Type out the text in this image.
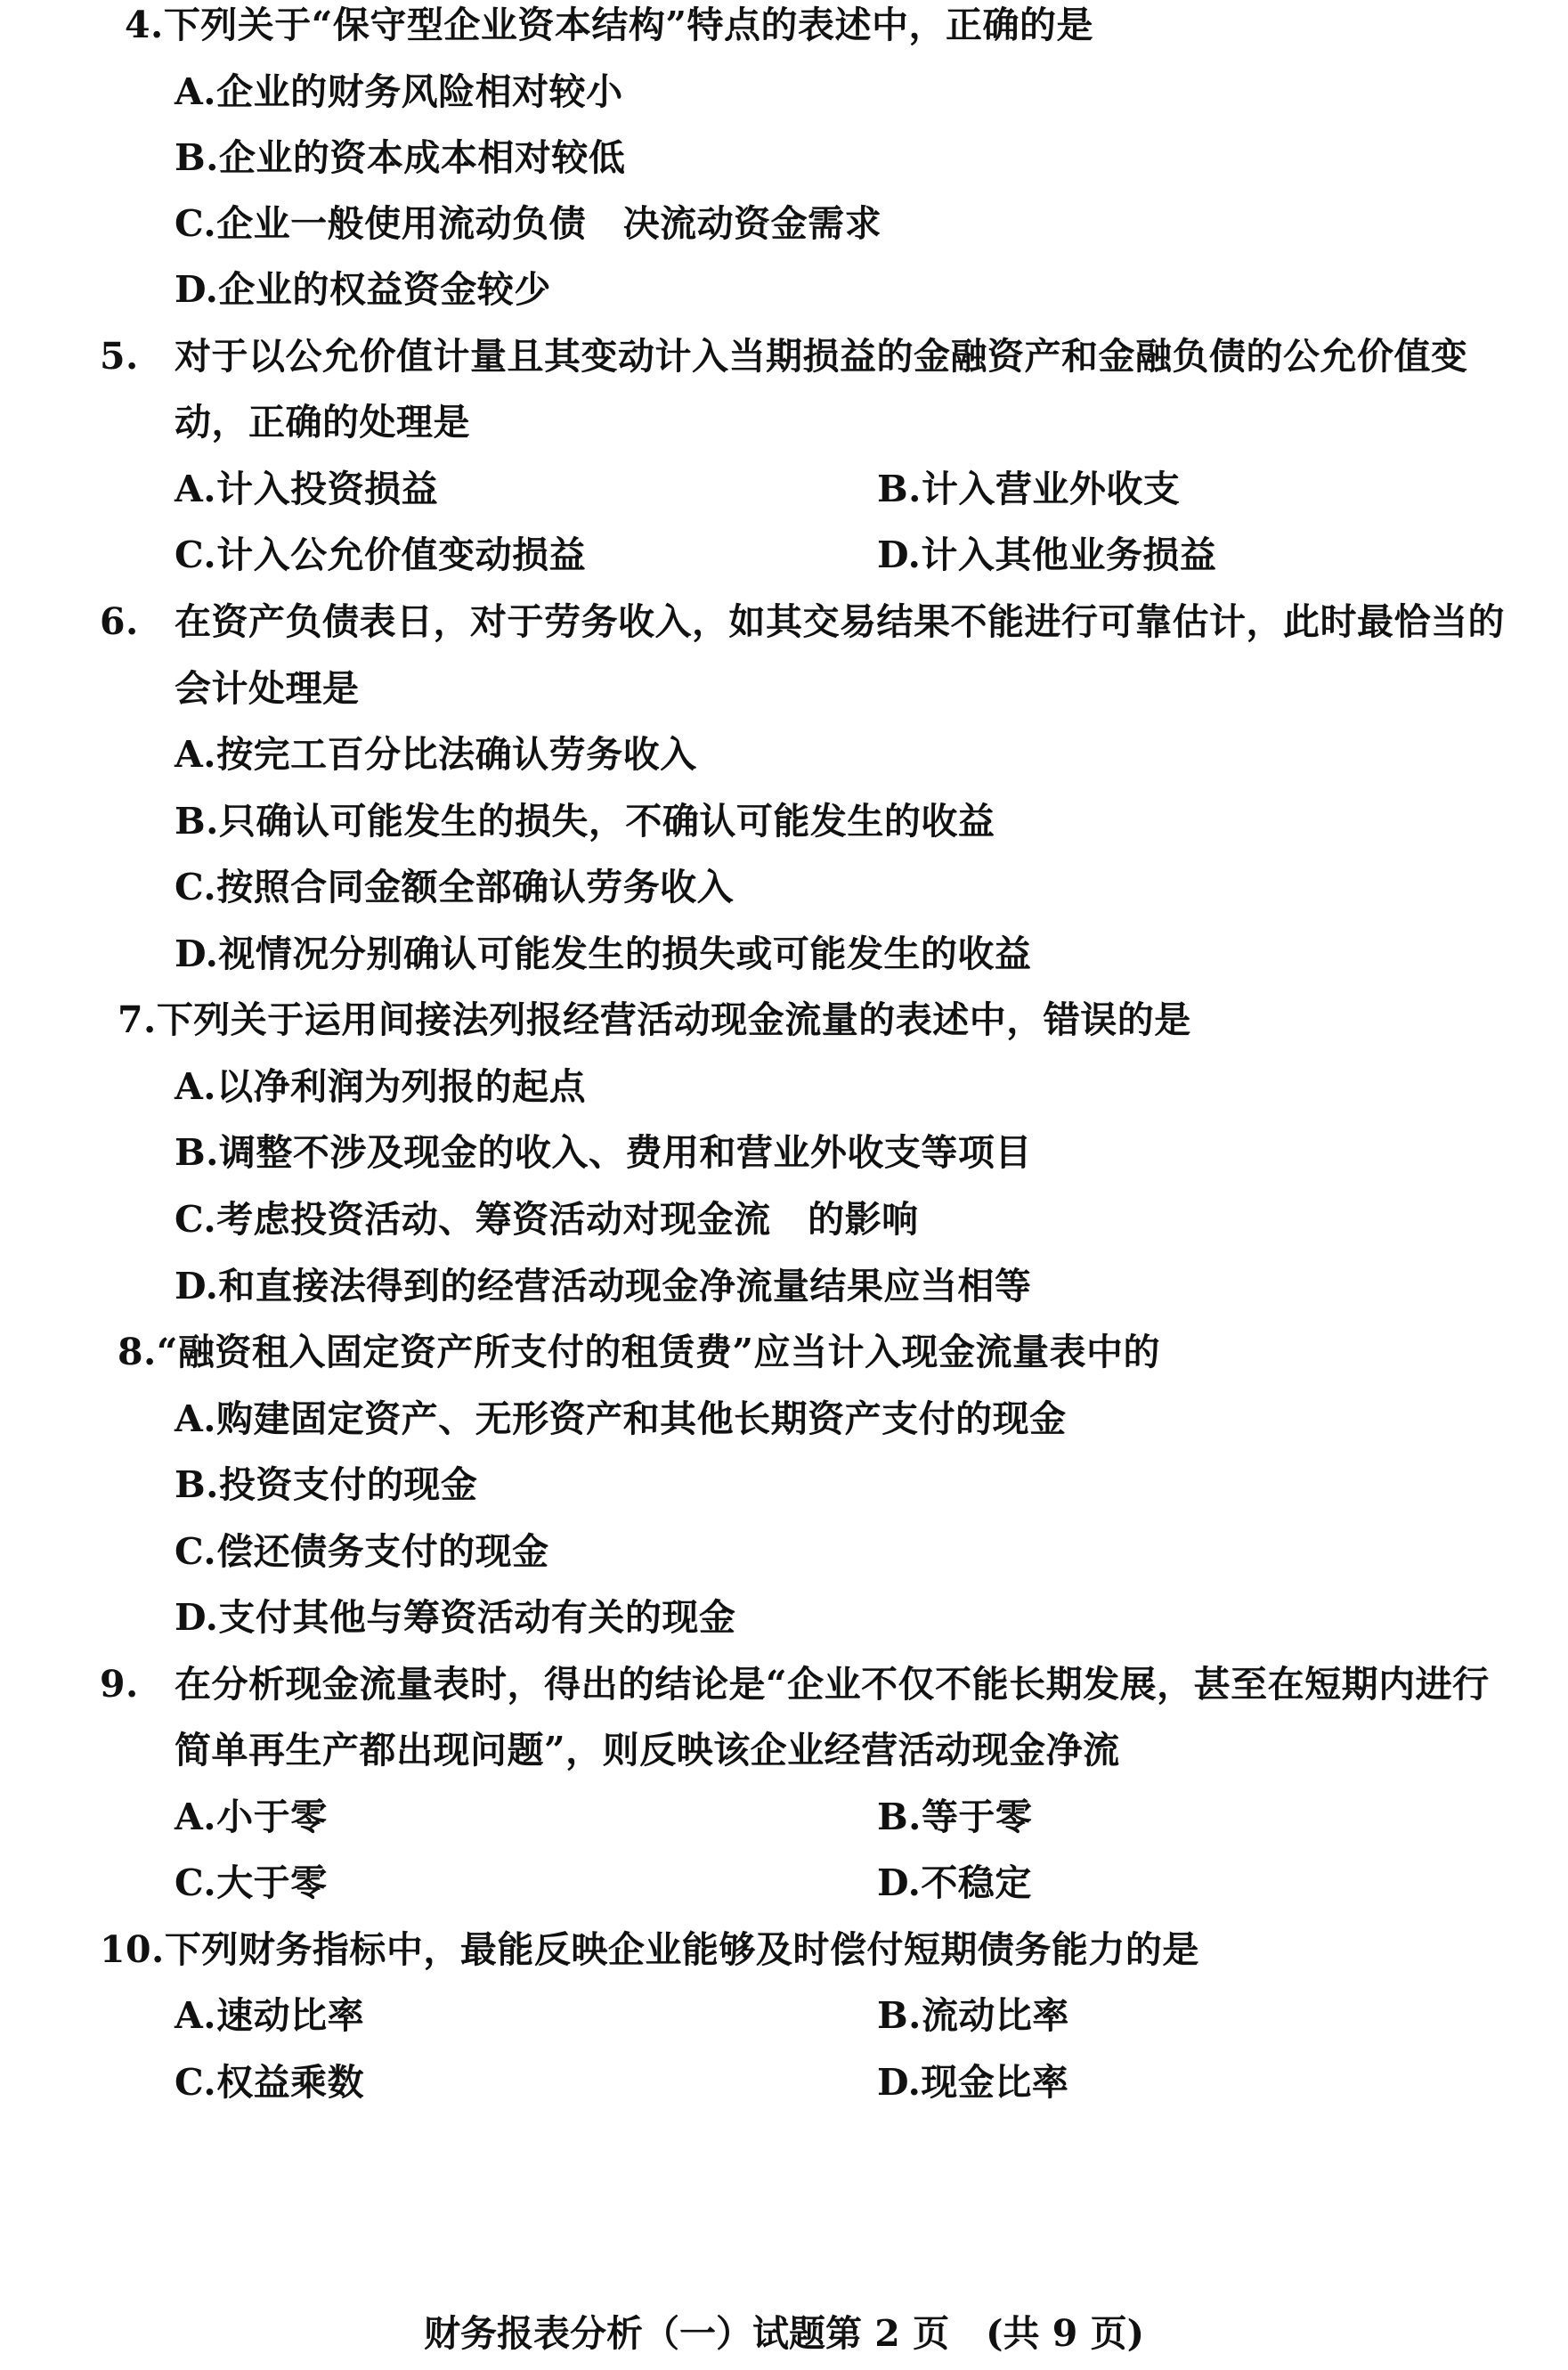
4.下列关于“保守型企业资本结构”特点的表述中，正确的是
A.企业的财务风险相对较小
B.企业的资本成本相对较低
C.企业一般使用流动负债　决流动资金需求
D.企业的权益资金较少
5. 对于以公允价值计量且其变动计入当期损益的金融资产和金融负债的公允价值变
动，正确的处理是
A.计入投资损益	B.计入营业外收支
C.计入公允价值变动损益	D.计入其他业务损益
6. 在资产负债表日，对于劳务收入，如其交易结果不能进行可靠估计，此时最恰当的
会计处理是
A.按完工百分比法确认劳务收入
B.只确认可能发生的损失，不确认可能发生的收益
C.按照合同金额全部确认劳务收入
D.视情况分别确认可能发生的损失或可能发生的收益
7.下列关于运用间接法列报经营活动现金流量的表述中，错误的是
A.以净利润为列报的起点
B.调整不涉及现金的收入、费用和营业外收支等项目
C.考虑投资活动、筹资活动对现金流　的影响
D.和直接法得到的经营活动现金净流量结果应当相等
8.“融资租入固定资产所支付的租赁费”应当计入现金流量表中的
A.购建固定资产、无形资产和其他长期资产支付的现金
B.投资支付的现金
C.偿还债务支付的现金
D.支付其他与筹资活动有关的现金
9. 在分析现金流量表时，得出的结论是“企业不仅不能长期发展，甚至在短期内进行
简单再生产都出现问题”，则反映该企业经营活动现金净流
A.小于零	B.等于零
C.大于零	D.不稳定
10.下列财务指标中，最能反映企业能够及时偿付短期债务能力的是
A.速动比率	B.流动比率
C.权益乘数	D.现金比率
财务报表分析（一）试题第 2 页　(共 9 页)
